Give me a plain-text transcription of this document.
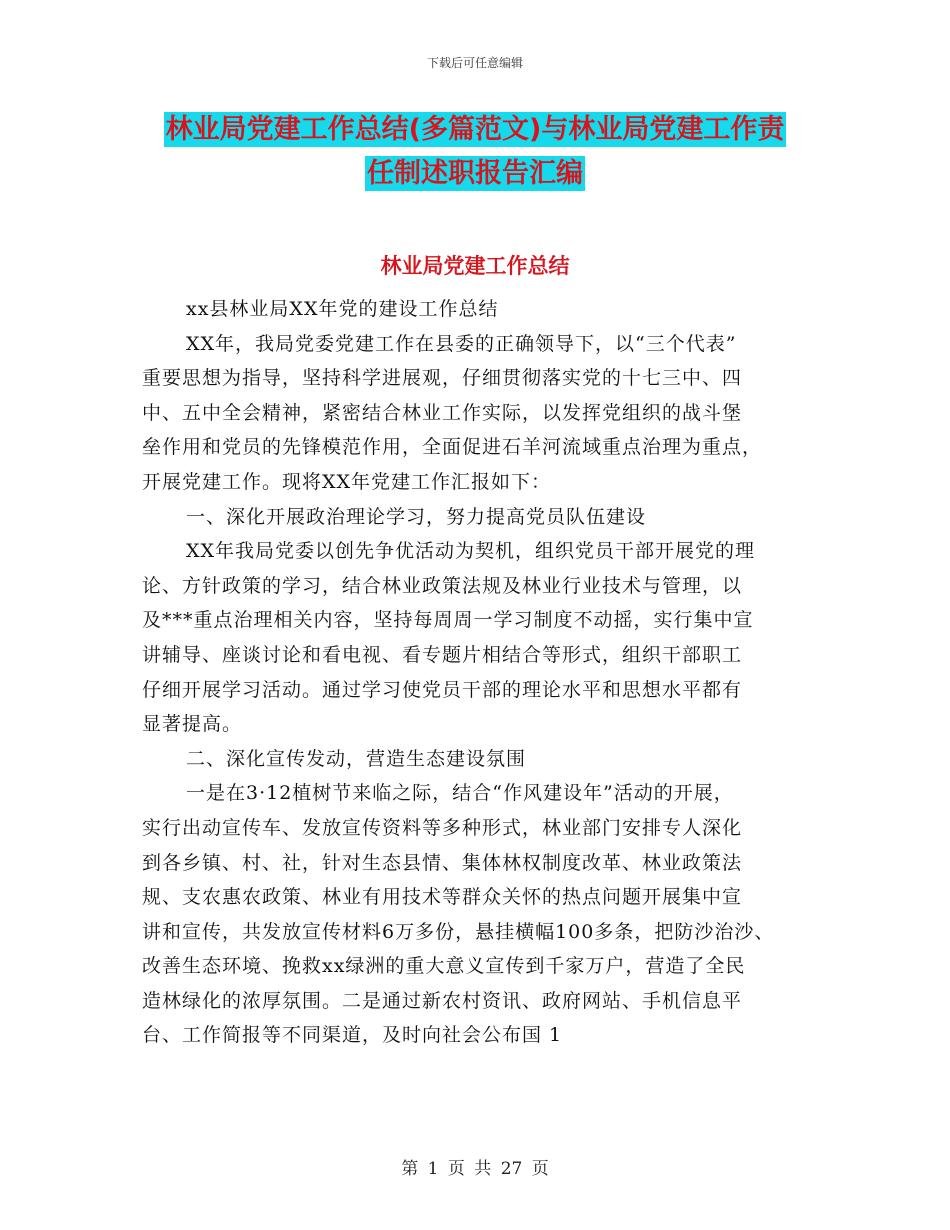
下载后可任意编辑
林业局党建工作总结(多篇范文)与林业局党建工作责
任制述职报告汇编
林业局党建工作总结
xx县林业局XX年党的建设工作总结
XX年，我局党委党建工作在县委的正确领导下，以“三个代表”
重要思想为指导，坚持科学进展观，仔细贯彻落实党的十七三中、四
中、五中全会精神，紧密结合林业工作实际，以发挥党组织的战斗堡
垒作用和党员的先锋模范作用，全面促进石羊河流域重点治理为重点，
开展党建工作。现将XX年党建工作汇报如下：
一、深化开展政治理论学习，努力提高党员队伍建设
XX年我局党委以创先争优活动为契机，组织党员干部开展党的理
论、方针政策的学习，结合林业政策法规及林业行业技术与管理，以
及***重点治理相关内容，坚持每周周一学习制度不动摇，实行集中宣
讲辅导、座谈讨论和看电视、看专题片相结合等形式，组织干部职工
仔细开展学习活动。通过学习使党员干部的理论水平和思想水平都有
显著提高。
二、深化宣传发动，营造生态建设氛围
一是在3·12植树节来临之际，结合“作风建设年”活动的开展，
实行出动宣传车、发放宣传资料等多种形式，林业部门安排专人深化
到各乡镇、村、社，针对生态县情、集体林权制度改革、林业政策法
规、支农惠农政策、林业有用技术等群众关怀的热点问题开展集中宣
讲和宣传，共发放宣传材料6万多份，悬挂横幅100多条，把防沙治沙、
改善生态环境、挽救xx绿洲的重大意义宣传到千家万户，营造了全民
造林绿化的浓厚氛围。二是通过新农村资讯、政府网站、手机信息平
台、工作简报等不同渠道，及时向社会公布国 1
第 1 页 共 27 页
